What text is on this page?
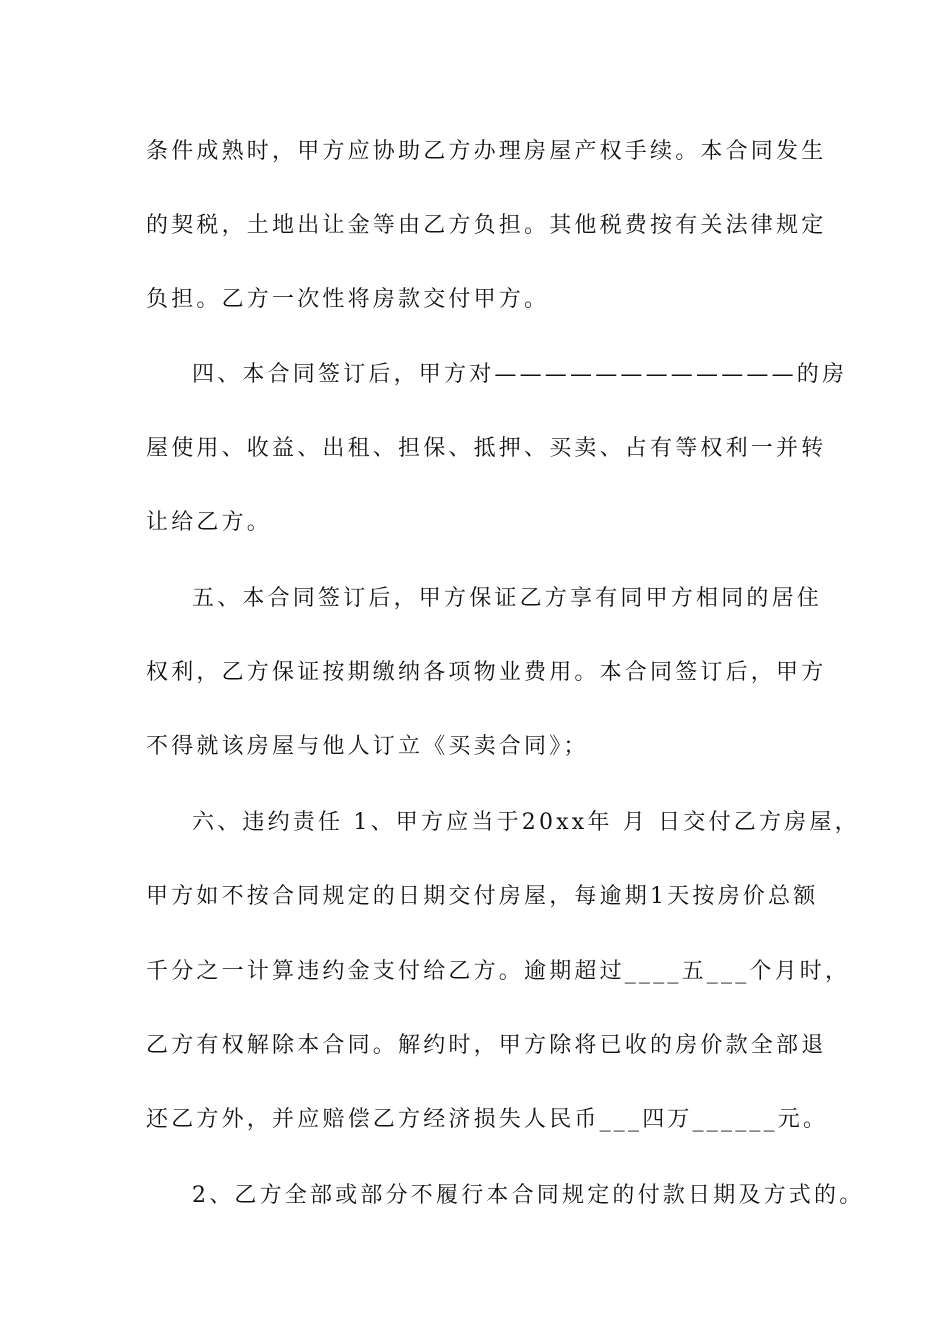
条件成熟时，甲方应协助乙方办理房屋产权手续。本合同发生
的契税，土地出让金等由乙方负担。其他税费按有关法律规定
负担。乙方一次性将房款交付甲方。
四、本合同签订后，甲方对————————————的房
屋使用、收益、出租、担保、抵押、买卖、占有等权利一并转
让给乙方。
五、本合同签订后，甲方保证乙方享有同甲方相同的居住
权利，乙方保证按期缴纳各项物业费用。本合同签订后，甲方
不得就该房屋与他人订立《买卖合同》；
六、违约责任 1、甲方应当于20xx年 月 日交付乙方房屋，
甲方如不按合同规定的日期交付房屋，每逾期1天按房价总额
千分之一计算违约金支付给乙方。逾期超过____五___个月时，
乙方有权解除本合同。解约时，甲方除将已收的房价款全部退
还乙方外，并应赔偿乙方经济损失人民币___四万______元。
2、乙方全部或部分不履行本合同规定的付款日期及方式的。
